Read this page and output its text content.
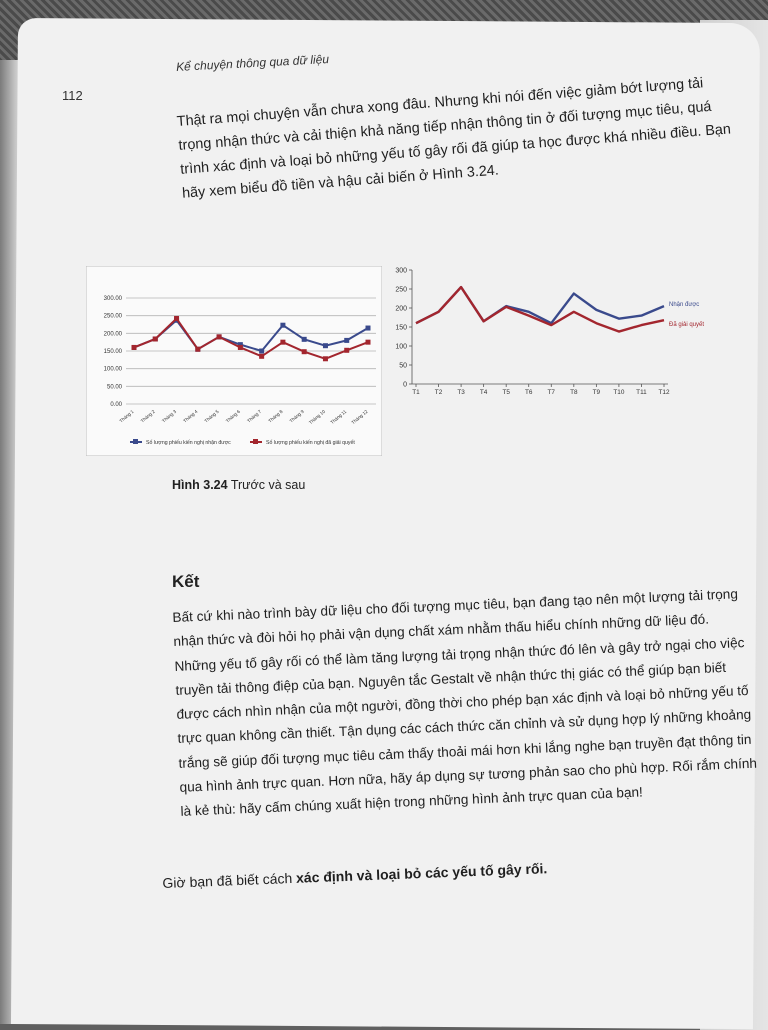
112
Kể chuyện thông qua dữ liệu
Thật ra mọi chuyện vẫn chưa xong đâu. Nhưng khi nói đến việc giảm bớt lượng tải trọng nhận thức và cải thiện khả năng tiếp nhận thông tin ở đối tượng mục tiêu, quá trình xác định và loại bỏ những yếu tố gây rối đã giúp ta học được khá nhiều điều. Bạn hãy xem biểu đồ tiền và hậu cải biến ở Hình 3.24.
300.00
250.00
200.00
150.00
100.00
50.00
0.00
Tháng 1 Tháng 2 Tháng 3 Tháng 4 Tháng 5 Tháng 6 Tháng 7 Tháng 8 Tháng 9 Tháng 10 Tháng 11 Tháng 12
Số lượng phiếu kiến nghị nhận được	Số lượng phiếu kiến nghị đã giải quyết
300
250
200
150
100
50
0
T1 T2 T3 T4 T5 T6 T7 T8 T9 T10 T11 T12
Nhận được
Đã giải quyết
Hình 3.24 Trước và sau
Kết
Bất cứ khi nào trình bày dữ liệu cho đối tượng mục tiêu, bạn đang tạo nên một lượng tải trọng nhận thức và đòi hỏi họ phải vận dụng chất xám nhằm thấu hiểu chính những dữ liệu đó. Những yếu tố gây rối có thể làm tăng lượng tải trọng nhận thức đó lên và gây trở ngại cho việc truyền tải thông điệp của bạn. Nguyên tắc Gestalt về nhận thức thị giác có thể giúp bạn biết được cách nhìn nhận của một người, đồng thời cho phép bạn xác định và loại bỏ những yếu tố trực quan không cần thiết. Tận dụng các cách thức căn chỉnh và sử dụng hợp lý những khoảng trắng sẽ giúp đối tượng mục tiêu cảm thấy thoải mái hơn khi lắng nghe bạn truyền đạt thông tin qua hình ảnh trực quan. Hơn nữa, hãy áp dụng sự tương phản sao cho phù hợp. Rối rắm chính là kẻ thù: hãy cấm chúng xuất hiện trong những hình ảnh trực quan của bạn!
Giờ bạn đã biết cách xác định và loại bỏ các yếu tố gây rối.
